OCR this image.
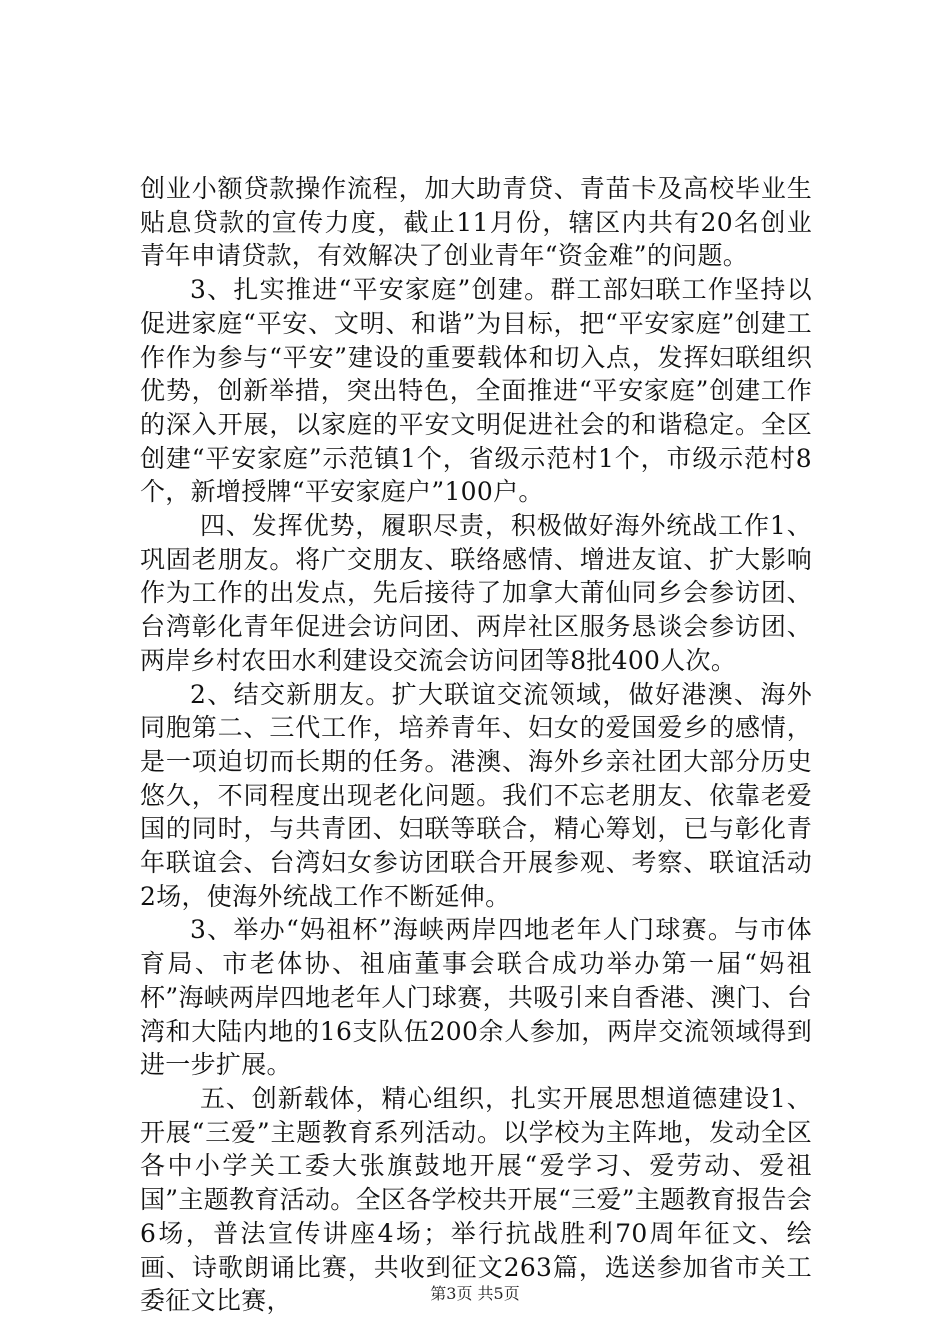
创业小额贷款操作流程，加大助青贷、青苗卡及高校毕业生贴息贷款的宣传力度，截止11月份，辖区内共有20名创业青年申请贷款，有效解决了创业青年“资金难”的问题。

3、扎实推进“平安家庭”创建。群工部妇联工作坚持以促进家庭“平安、文明、和谐”为目标，把“平安家庭”创建工作作为参与“平安”建设的重要载体和切入点，发挥妇联组织优势，创新举措，突出特色，全面推进“平安家庭”创建工作的深入开展，以家庭的平安文明促进社会的和谐稳定。全区创建“平安家庭”示范镇1个，省级示范村1个，市级示范村8个，新增授牌“平安家庭户”100户。

四、发挥优势，履职尽责，积极做好海外统战工作1、巩固老朋友。将广交朋友、联络感情、增进友谊、扩大影响作为工作的出发点，先后接待了加拿大莆仙同乡会参访团、台湾彰化青年促进会访问团、两岸社区服务恳谈会参访团、两岸乡村农田水利建设交流会访问团等8批400人次。

2、结交新朋友。扩大联谊交流领域，做好港澳、海外同胞第二、三代工作，培养青年、妇女的爱国爱乡的感情，是一项迫切而长期的任务。港澳、海外乡亲社团大部分历史悠久，不同程度出现老化问题。我们不忘老朋友、依靠老爱国的同时，与共青团、妇联等联合，精心筹划，已与彰化青年联谊会、台湾妇女参访团联合开展参观、考察、联谊活动2场，使海外统战工作不断延伸。

3、举办“妈祖杯”海峡两岸四地老年人门球赛。与市体育局、市老体协、祖庙董事会联合成功举办第一届“妈祖杯”海峡两岸四地老年人门球赛，共吸引来自香港、澳门、台湾和大陆内地的16支队伍200余人参加，两岸交流领域得到进一步扩展。

五、创新载体，精心组织，扎实开展思想道德建设1、开展“三爱”主题教育系列活动。以学校为主阵地，发动全区各中小学关工委大张旗鼓地开展“爱学习、爱劳动、爱祖国”主题教育活动。全区各学校共开展“三爱”主题教育报告会6场，普法宣传讲座4场；举行抗战胜利70周年征文、绘画、诗歌朗诵比赛，共收到征文263篇，选送参加省市关工委征文比赛，	第3页 共5页
